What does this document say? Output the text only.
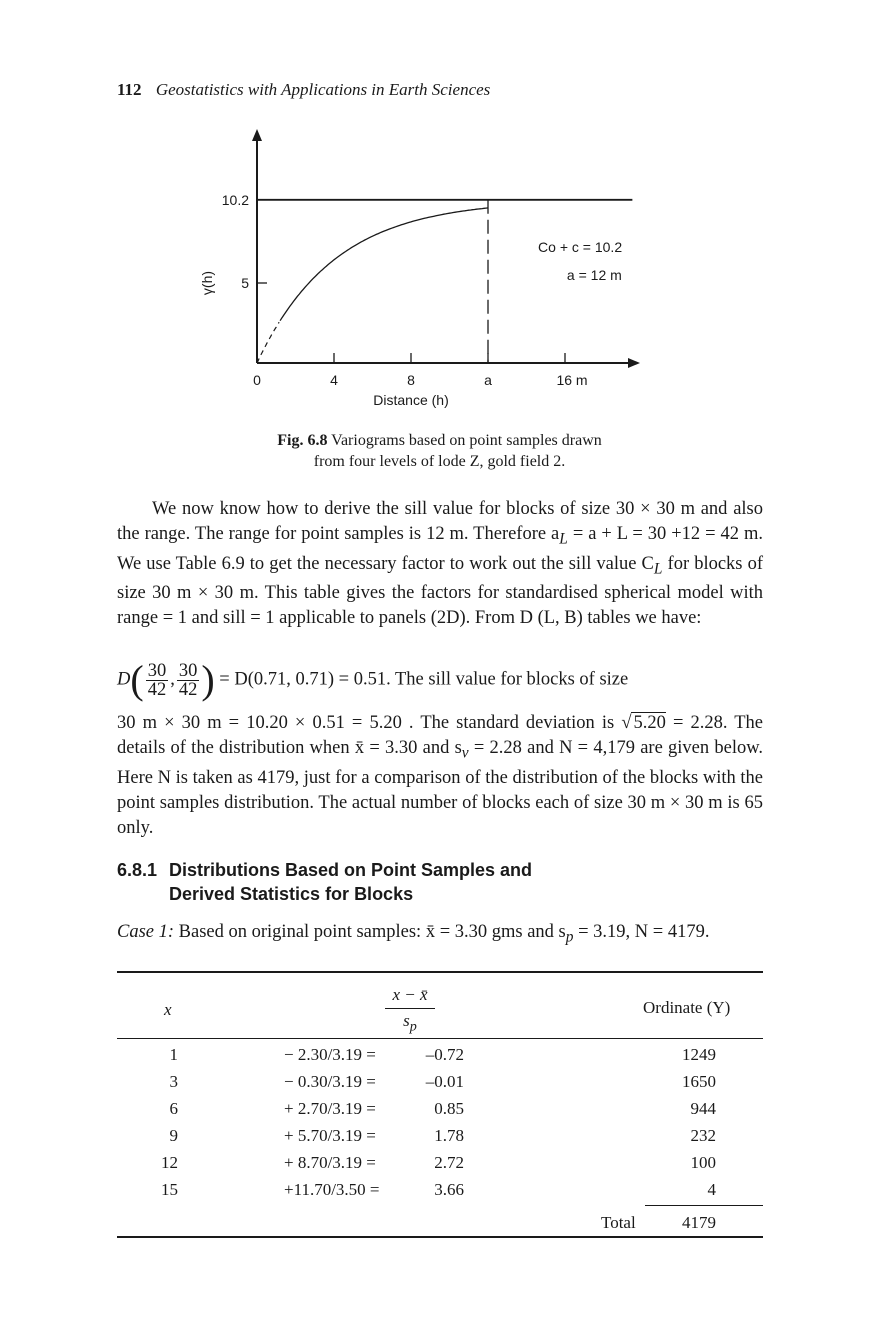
112 Geostatistics with Applications in Earth Sciences
5
10.2
0	4	8	a	16 m
γ(h)
Distance (h)
Co + c = 10.2
a = 12 m
Fig. 6.8 Variograms based on point samples drawn
from four levels of lode Z, gold field 2.
We now know how to derive the sill value for blocks of size 30 × 30 m and also the range. The range for point samples is 12 m. Therefore $a_L = a + L = 30 +12 = 42$ m. We use Table 6.9 to get the necessary factor to work out the sill value $C_L$ for blocks of size 30 m × 30 m. This table gives the factors for standardised spherical model with range = 1 and sill = 1 applicable to panels (2D). From D (L, B) tables we have:
$D( \frac{30}{42}$ , $\frac{30}{42}$ ) = D(0.71, 0.71) = 0.51. The sill value for blocks of size
30 m × 30 m = 10.20 × 0.51 = 5.20 . The standard deviation is √ 5.20 = 2.28. The details of the distribution when x̄ = 3.30 and $s_v = 2.28$ and N = 4,179 are given below. Here N is taken as 4179, just for a comparison of the distribution of the blocks with the point samples distribution. The actual number of blocks each of size 30 m × 30 m is 65 only.
6.8.1 Distributions Based on Point Samples and
Derived Statistics for Blocks
Case 1: Based on original point samples: x̄ = 3.30 gms and $s_p = 3.19$, N = 4179.
x	$\frac{x - x̄}{s_p}$	Ordinate (Y)
1	− 2.30/3.19 =	–0.72	1249
3	− 0.30/3.19 =	–0.01	1650
6	+ 2.70/3.19 =	0.85	944
9	+ 5.70/3.19 =	1.78	232
12	+ 8.70/3.19 =	2.72	100
15	+11.70/3.50 =	3.66	4
Total	4179
